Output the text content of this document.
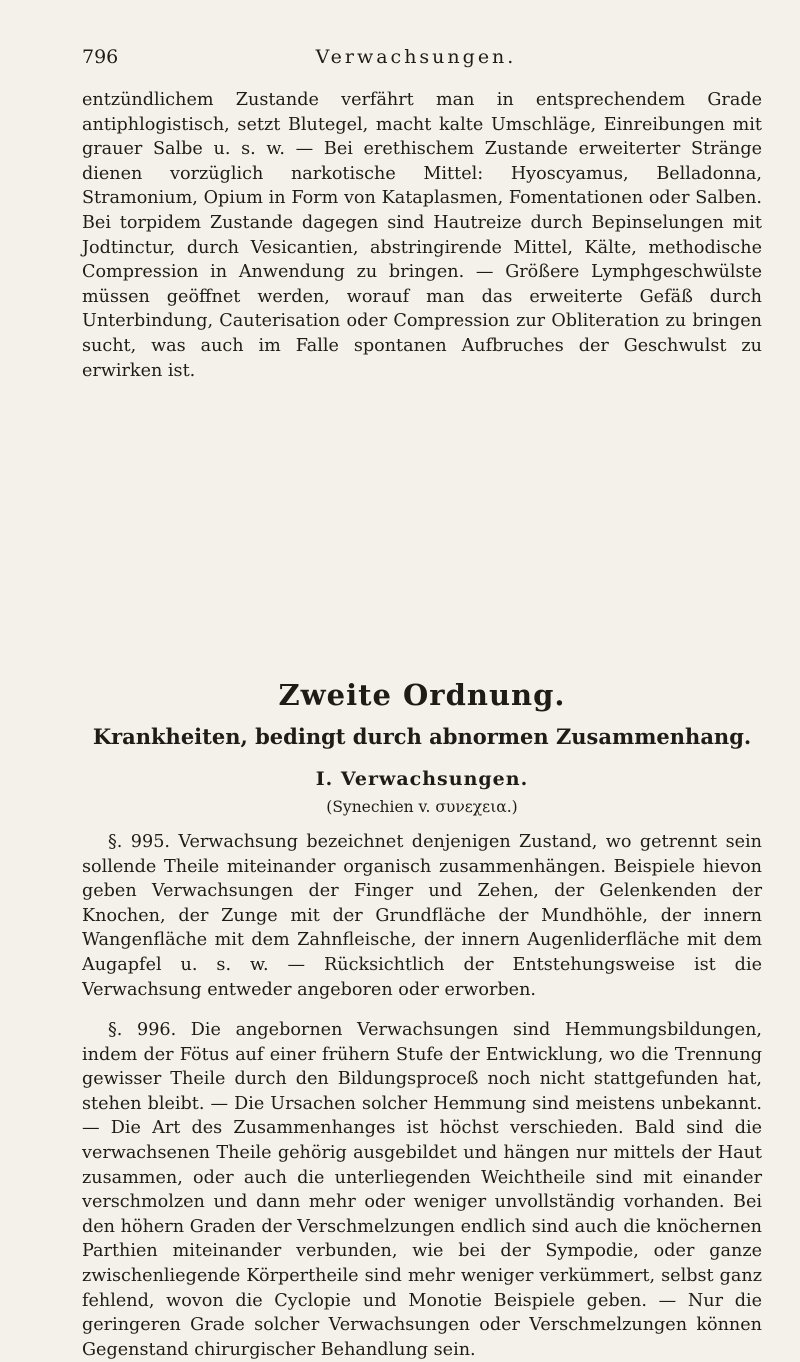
796	Verwachsungen.

entzündlichem Zustande verfährt man in entsprechendem Grade antiphlogistisch, setzt Blutegel, macht kalte Umschläge, Einreibungen mit grauer Salbe u. s. w. — Bei erethischem Zustande erweiterter Stränge dienen vorzüglich narkotische Mittel: Hyoscyamus, Belladonna, Stramonium, Opium in Form von Kataplasmen, Fomentationen oder Salben. Bei torpidem Zustande dagegen sind Hautreize durch Bepinselungen mit Jodtinctur, durch Vesicantien, abstringirende Mittel, Kälte, methodische Compression in Anwendung zu bringen. — Größere Lymphgeschwülste müssen geöffnet werden, worauf man das erweiterte Gefäß durch Unterbindung, Cauterisation oder Compression zur Obliteration zu bringen sucht, was auch im Falle spontanen Aufbruches der Geschwulst zu erwirken ist.

Zweite Ordnung.
Krankheiten, bedingt durch abnormen Zusammenhang.
I. Verwachsungen.
(Synechien v. συνεχεια.)

§. 995. Verwachsung bezeichnet denjenigen Zustand, wo getrennt sein sollende Theile miteinander organisch zusammenhängen. Beispiele hievon geben Verwachsungen der Finger und Zehen, der Gelenkenden der Knochen, der Zunge mit der Grundfläche der Mundhöhle, der innern Wangenfläche mit dem Zahnfleische, der innern Augenliderfläche mit dem Augapfel u. s. w. — Rücksichtlich der Entstehungsweise ist die Verwachsung entweder angeboren oder erworben.

§. 996. Die angebornen Verwachsungen sind Hemmungsbildungen, indem der Fötus auf einer frühern Stufe der Entwicklung, wo die Trennung gewisser Theile durch den Bildungsproceß noch nicht stattgefunden hat, stehen bleibt. — Die Ursachen solcher Hemmung sind meistens unbekannt. — Die Art des Zusammenhanges ist höchst verschieden. Bald sind die verwachsenen Theile gehörig ausgebildet und hängen nur mittels der Haut zusammen, oder auch die unterliegenden Weichtheile sind mit einander verschmolzen und dann mehr oder weniger unvollständig vorhanden. Bei den höhern Graden der Verschmelzungen endlich sind auch die knöchernen Parthien miteinander verbunden, wie bei der Sympodie, oder ganze zwischenliegende Körpertheile sind mehr weniger verkümmert, selbst ganz fehlend, wovon die Cyclopie und Monotie Beispiele geben. — Nur die geringeren Grade solcher Verwachsungen oder Verschmelzungen können Gegenstand chirurgischer Behandlung sein.
